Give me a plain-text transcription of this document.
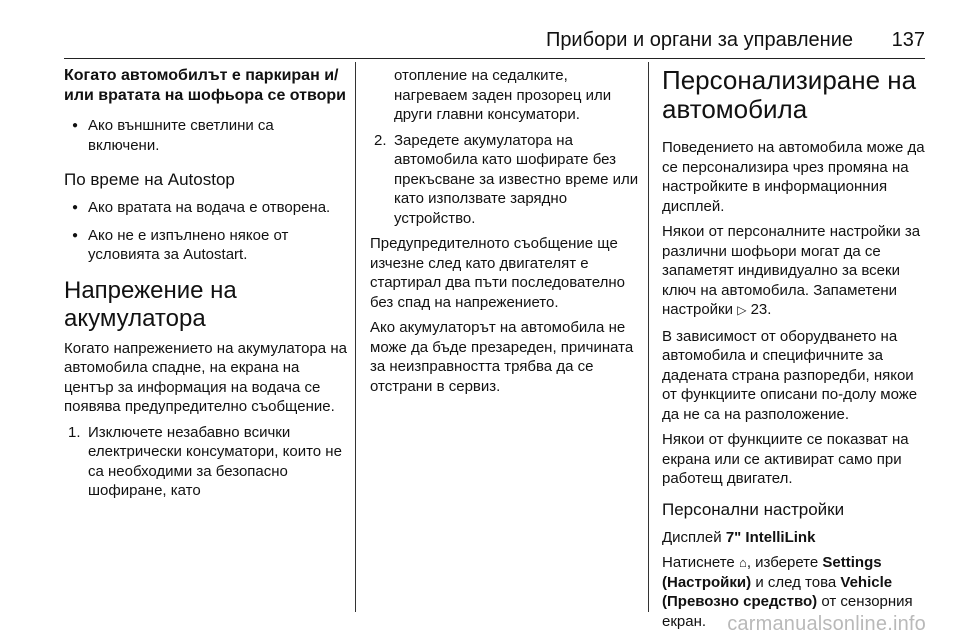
Прибори и органи за управление 137
Когато автомобилът е паркиран и/или вратата на шофьора се отвори
● Ако външните светлини са включени.
По време на Autostop
● Ако вратата на водача е отворена.
● Ако не е изпълнено някое от условията за Autostart.
Напрежение на акумулатора

Когато напрежението на акумулатора на автомобила спадне, на екрана на център за информация на водача се появява предупредително съобщение.

1. Изключете незабавно всички електрически консуматори, които не са необходими за безопасно шофиране, като

отопление на седалките, нагреваем заден прозорец или други главни консуматори.

2. Заредете акумулатора на автомобила като шофирате без прекъсване за известно време или като използвате зарядно устройство.

Предупредителното съобщение ще изчезне след като двигателят е стартирал два пъти последователно без спад на напрежението.

Ако акумулаторът на автомобила не може да бъде презареден, причината за неизправността трябва да се отстрани в сервиз.

Персонализиране на автомобила

Поведението на автомобила може да се персонализира чрез промяна на настройките в информационния дисплей.

Някои от персоналните настройки за различни шофьори могат да се запаметят индивидуално за всеки ключ на автомобила. Запаметени настройки ▷ 23.

В зависимост от оборудването на автомобила и специфичните за дадената страна разпоредби, някои от функциите описани по-долу може да не са на разположение.

Някои от функциите се показват на екрана или се активират само при работещ двигател.

Персонални настройки

Дисплей 7" IntelliLink

Натиснете ⌂, изберете Settings (Настройки) и след това Vehicle (Превозно средство) от сензорния екран.	carmanualsonline.info
